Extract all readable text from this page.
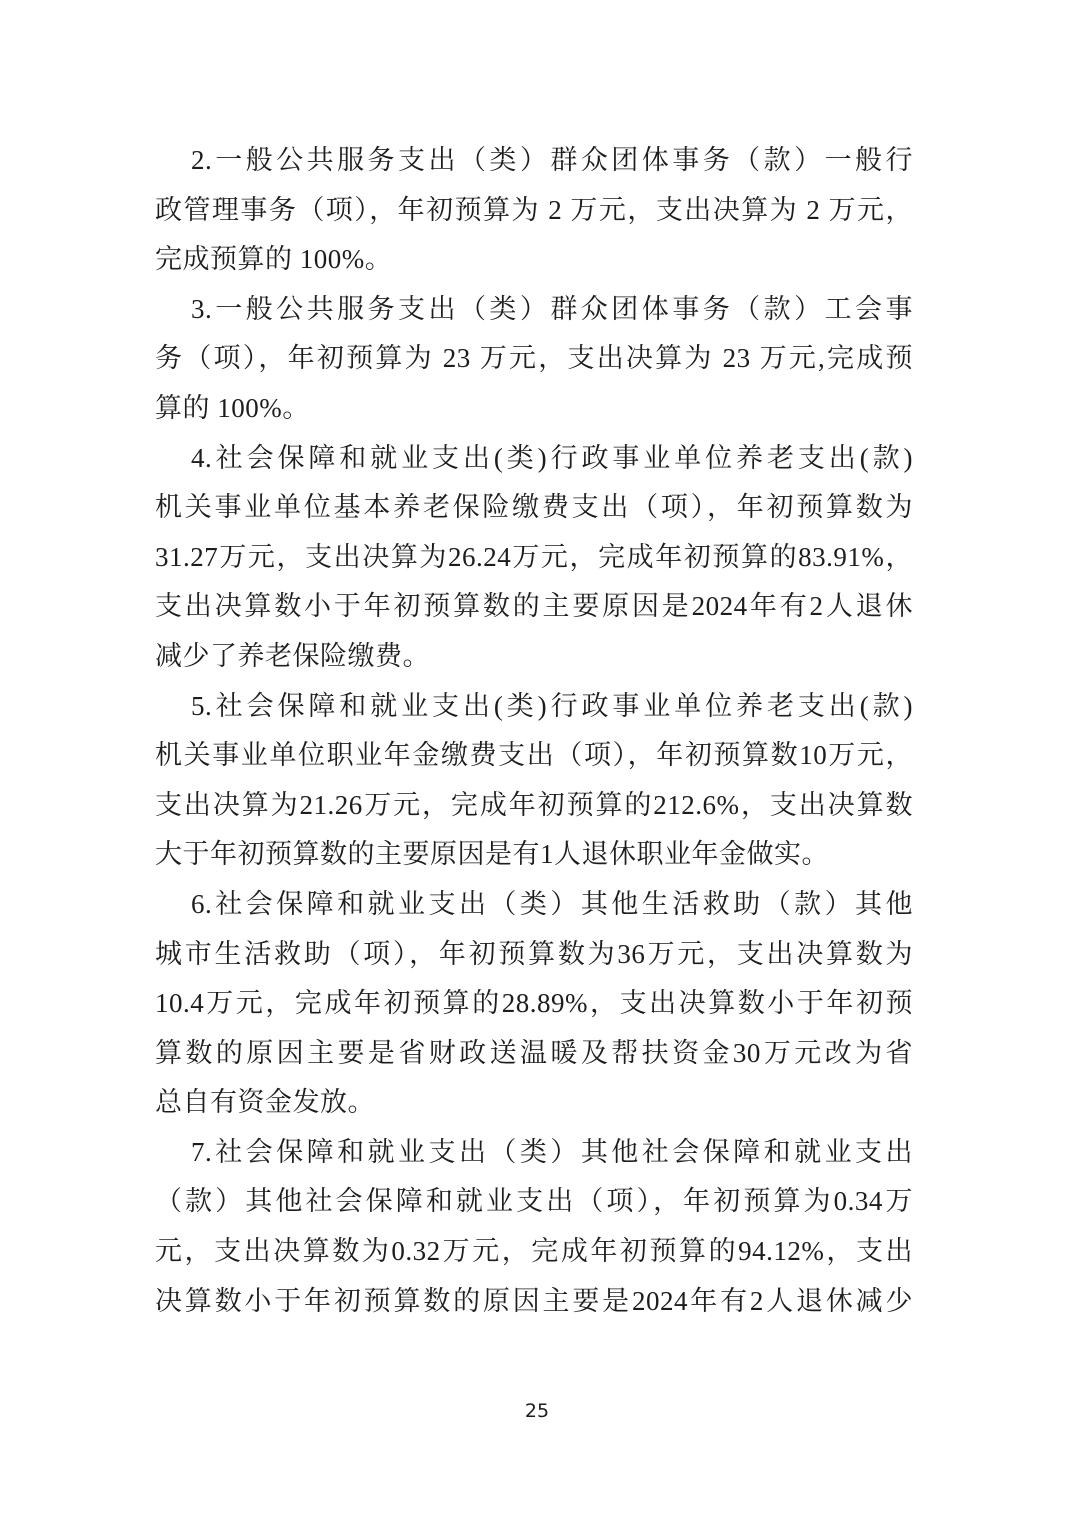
2.一般公共服务支出（类）群众团体事务（款）一般行
政管理事务（项），年初预算为 2 万元，支出决算为 2 万元，
完成预算的 100%。
3.一般公共服务支出（类）群众团体事务（款）工会事
务（项），年初预算为 23 万元，支出决算为 23 万元,完成预
算的 100%。
4.社会保障和就业支出(类)行政事业单位养老支出(款)
机关事业单位基本养老保险缴费支出（项），年初预算数为
31.27万元，支出决算为26.24万元，完成年初预算的83.91%，
支出决算数小于年初预算数的主要原因是2024年有2人退休
减少了养老保险缴费。
5.社会保障和就业支出(类)行政事业单位养老支出(款)
机关事业单位职业年金缴费支出（项），年初预算数10万元，
支出决算为21.26万元，完成年初预算的212.6%，支出决算数
大于年初预算数的主要原因是有1人退休职业年金做实。
6.社会保障和就业支出（类）其他生活救助（款）其他
城市生活救助（项），年初预算数为36万元，支出决算数为
10.4万元，完成年初预算的28.89%，支出决算数小于年初预
算数的原因主要是省财政送温暖及帮扶资金30万元改为省
总自有资金发放。
7.社会保障和就业支出（类）其他社会保障和就业支出
（款）其他社会保障和就业支出（项），年初预算为0.34万
元，支出决算数为0.32万元，完成年初预算的94.12%，支出
决算数小于年初预算数的原因主要是2024年有2人退休减少
25
